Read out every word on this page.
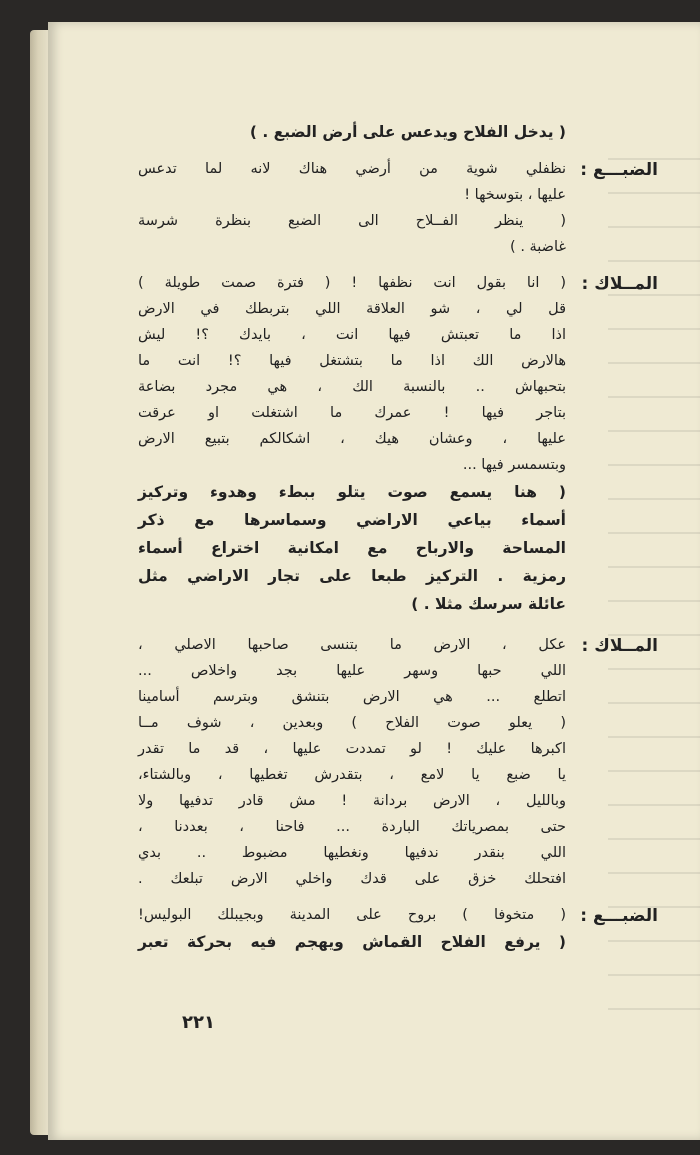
( يدخل الفلاح ويدعس على أرض الضبع . )
الضبـــع:
نظفلي شوية من أرضي هناك لانه لما تدعس
عليها ، بتوسخها !
( ينظر الفــلاح الى الضبع بنظرة شرسة
غاضبة . )
المــلاك:
( انا بقول انت نظفها ! ( فترة صمت طويلة )
قل لي ، شو العلاقة اللي بتربطك في الارض
اذا ما تعبتش فيها انت ، بايدك ؟! ليش
هالارض الك اذا ما بتشتغل فيها ؟! انت ما
بتحبهاش .. بالنسبة الك ، هي مجرد بضاعة
بتاجر فيها ! عمرك ما اشتغلت او عرقت
عليها ، وعشان هيك ، اشكالكم بتبيع الارض
وبتسمسر فيها ...
( هنا يسمع صوت يتلو ببطء وهدوء وتركيز
أسماء بياعي الاراضي وسماسرها مع ذكر
المساحة والارباح مع امكانية اختراع أسماء
رمزية . التركيز طبعا على تجار الاراضي مثل
عائلة سرسك مثلا . )
المــلاك:
عكل ، الارض ما بتنسى صاحبها الاصلي ،
اللي حبها وسهر عليها بجد واخلاص ...
اتطلع ... هي الارض بتنشق وبترسم أسامينا
( يعلو صوت الفلاح ) وبعدين ، شوف مــا
اكبرها عليك ! لو تمددت عليها ، قد ما تقدر
يا ضبع يا لامع ، بتقدرش تغطيها ، وبالشتاء،
وبالليل ، الارض بردانة ! مش قادر تدفيها ولا
حتى بمصرياتك الباردة ... فاحنا ، بعددنا ،
اللي بنقدر ندفيها ونغطيها مضبوط .. بدي
افتحلك خزق على قدك واخلي الارض تبلعك .
الضبـــع:
( متخوفا ) بروح على المدينة وبجيبلك البوليس!
( يرفع الفلاح القماش ويهجم فيه بحركة تعبر
٢٢١
